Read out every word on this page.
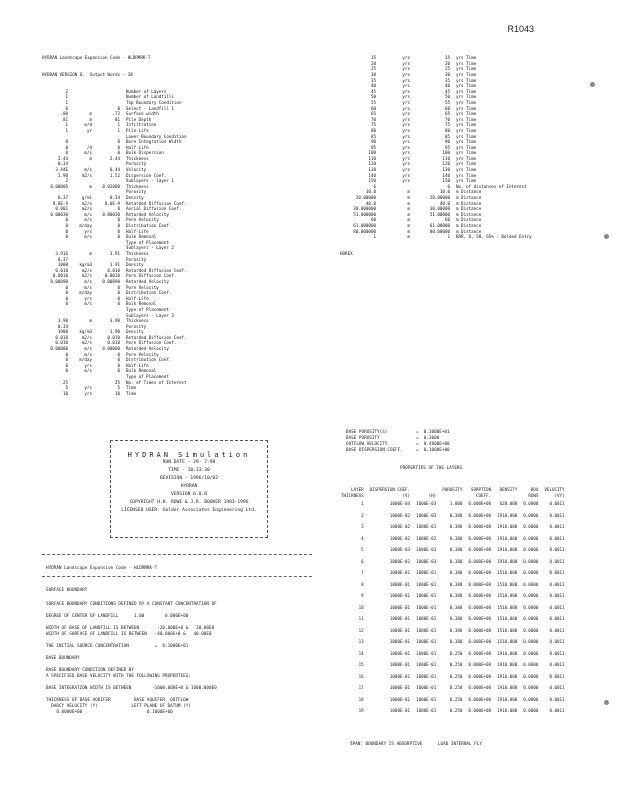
R1043

HYDRAN Landscape Expansion Code - HLDRMRK-T

HYDRAN VERSION 6.  Output Words - 38

2	Number of Layers
1	Number of Landfills
1	Top Boundary Condition
0	0	Select - Landfill 1
.88	m	.72	Surface width
81	m	81	Pile Depth
1	m/d	1	Infiltration
1	yr	1	Pile-Life
Lower Boundary Condition
0	0	Bore Integration Width
0	/d	0	Half-Life
0	m/s	0	Bulk Dispersion
2.44	m	2.44	Thickness
0.34	Porosity
3.44E	m/s	0.44	Velocity
1.90	m2/s	1.52	Dispersion Coef.
2	Sublayers - layer 1
0.00005	m	0.02000	Thickness
Porosity
0.37	g/ml	0.34	Density
8.0E-9	m2/s	8.0E-9	Retarded Diffusion Coef.
0.001	m2/s	0	Aerial Diffusion Coef.
0.00030	m/s	0.00030	Retarded Velocity
0	m/s	0	Pore Velocity
0	m/day	0	Distribution Coef.
0	yrs	0	Half-Life
0	m/s	0	Bulk Removal
Type of Placement
Sublayers - Layer 2
3.916	m	3.91	Thickness
0.37	Porosity
1000	kg/m3	1.91	Density
0.010	m2/s	0.010	Retarded Diffusion Coef.
0.0010	m2/s	0.0010	Pore Diffusion Coef.
0.00090	m/s	0.00090	Retarded Velocity
0	m/s	0	Pore Velocity
0	m/day	0	Distribution Coef.
0	yrs	0	Half-Life
0	m/s	0	Bulk Removal
Type of Placement
Sublayers - Layer 3
3.90	m	3.90	Thickness
0.34	Porosity
1900	kg/m3	1.90	Density
0.010	m2/s	0.010	Retarded Diffusion Coef.
0.010	m2/s	0.010	Pore Diffusion Coef.
0.00080	m/s	0.00080	Retarded Velocity
0	m/s	0	Pore Velocity
0	m/day	0	Distribution Coef.
0	yrs	0	Half-Life
0	m/s	0	Bulk Removal
Type of Placement
25	25	No. of Times of Interest
5	yrs	5	Time
10	yrs	10	Time

15	yrs	15	yrs Time
20	yrs	20	yrs Time
25	yrs	25	yrs Time
30	yrs	30	yrs Time
35	yrs	35	yrs Time
40	yrs	40	yrs Time
45	yrs	45	yrs Time
50	yrs	50	yrs Time
55	yrs	55	yrs Time
60	yrs	60	yrs Time
65	yrs	65	yrs Time
70	yrs	70	yrs Time
75	yrs	75	yrs Time
80	yrs	80	yrs Time
85	yrs	85	yrs Time
90	yrs	90	yrs Time
95	yrs	95	yrs Time
100	yrs	100	yrs Time
110	yrs	110	yrs Time
120	yrs	120	yrs Time
130	yrs	130	yrs Time
140	yrs	140	yrs Time
150	yrs	150	yrs Time
6	6	No. of distances of Interest
10.0	m	10.0	m Distance
20.00000	m	20.00000	m Distance
40.0	m	40.0	m Distance
30.000000	m	30.00000	m Distance
51.000000	m	51.00000	m Distance
60	m	60	m Distance
61.000000	m	61.00000	m Distance
80.000000	m	80.00000	m Distance
1	m	1	BAR, D, 50, 65% : Bolded Entry

HOREX

HYDRAN Simulation
RUN DATE - 29- 7-98
TIME - 10:33:30
REVISION - 1996/10/02
HYDRAN
VERSION 6.0.0
COPYRIGHT H.K. ROWE & J.R. BOOKER 1983-1996
LICENSED USER: Golder Associates Engineering Ltd.
HYDRAN Landscape Expansion Code - HLDRMRK-T
SURFACE BOUNDARY
SURFACE BOUNDARY CONDITIONS DEFINED BY A CONSTANT CONCENTRATION OF
DEGREE OF CENTER OF LANDFILL      1.00        0.000E+00
WIDTH OF BASE OF LANDFILL IS BETWEEN       -20.000E+0 &   20.00E0
WIDTH OF SURFACE OF LANDFILL IS BETWEEN   -40.000E+0 &   40.00E0
THE INITIAL SOURCE CONCENTRATION          =  0.1000E+01
BASE BOUNDARY
BASE BOUNDARY CONDITION DEFINED BY
A SPECIFIED BASE VELOCITY WITH THE FOLLOWING PROPERTIES:
BASE INTEGRATION WIDTH IS BETWEEN        -1000.000E+0 & 1000.000E0
THICKNESS OF BASE AQUIFER         BASE AQUIFER  OUTFLOW
DARCY VELOCITY (Y)             LEFT PLANE OF DATUM (Y)
0.0000E+00                         0.1000E+00
BASE POROSITY(S)	=  0.1000E+01
BASE POROSITY	=  0.3000
OUTFLOW VELOCITY	=  0.4800E+00
BASE DISPERSION COEFF.	=  0.1000E+00
PROPERTIES OF THE LAYERS
LAYER	DISPERSION COEF.		POROSITY	SORPTION	DENSITY	BOX	VELOCITY
THICKNESS	(V)	(H)		COEFF.		ROWS	(VY)
1	1000E-04	1000E-03	1.000	0.000E+00	620.000	0.0008	0.0011
2	1000E-02	1000E-03	0.380	0.000E+00	1910.000	0.0000	0.0011
3	1000E-02	1000E-01	0.380	0.000E+00	1910.000	0.0000	0.0011
4	1000E-02	1000E-02	0.380	0.000E+00	1910.000	0.0000	0.0011
5	1000E-03	1000E-03	0.380	0.000E+00	1910.000	0.0000	0.0011
6	1000E-02	1000E-03	0.380	0.000E+00	1910.000	0.0000	0.0011
7	1000E-01	1000E-01	0.380	0.000E+00	1510.000	0.0000	0.0011
8	1000E-01	1000E-01	0.380	0.000E+00	1510.000	0.0000	0.0011
9	1000E-01	1000E-01	0.380	0.000E+00	1510.000	0.0000	0.0011
10	1000E-01	1000E-01	0.380	0.000E+00	1510.000	0.0000	0.0011
11	1000E-01	1000E-01	0.380	0.000E+00	1510.000	0.0000	0.0011
12	1000E-01	1000E-01	0.380	0.000E+00	1510.000	0.0000	0.0011
13	1000E-01	1000E-01	0.380	0.000E+00	1510.000	0.0000	0.0011
14	1000E-01	1000E-01	0.250	0.000E+00	1910.000	0.0000	0.0011
15	1000E-01	1000E-01	0.250	0.000E+00	1910.000	0.0000	0.0011
16	1000E-01	1000E-01	0.250	0.000E+00	1910.000	0.0000	0.0011
17	1000E-01	1000E-01	0.250	0.000E+00	1910.000	0.0000	0.0011
18	1000E-01	1000E-01	0.250	0.000E+00	1910.000	0.0000	0.0011
19	1000E-01	1000E-01	0.250	0.000E+00	1910.000	0.0000	0.0011
SPAN: BOUNDARY IS ABSORPTIVE      LOAD INTERNAL FLY
